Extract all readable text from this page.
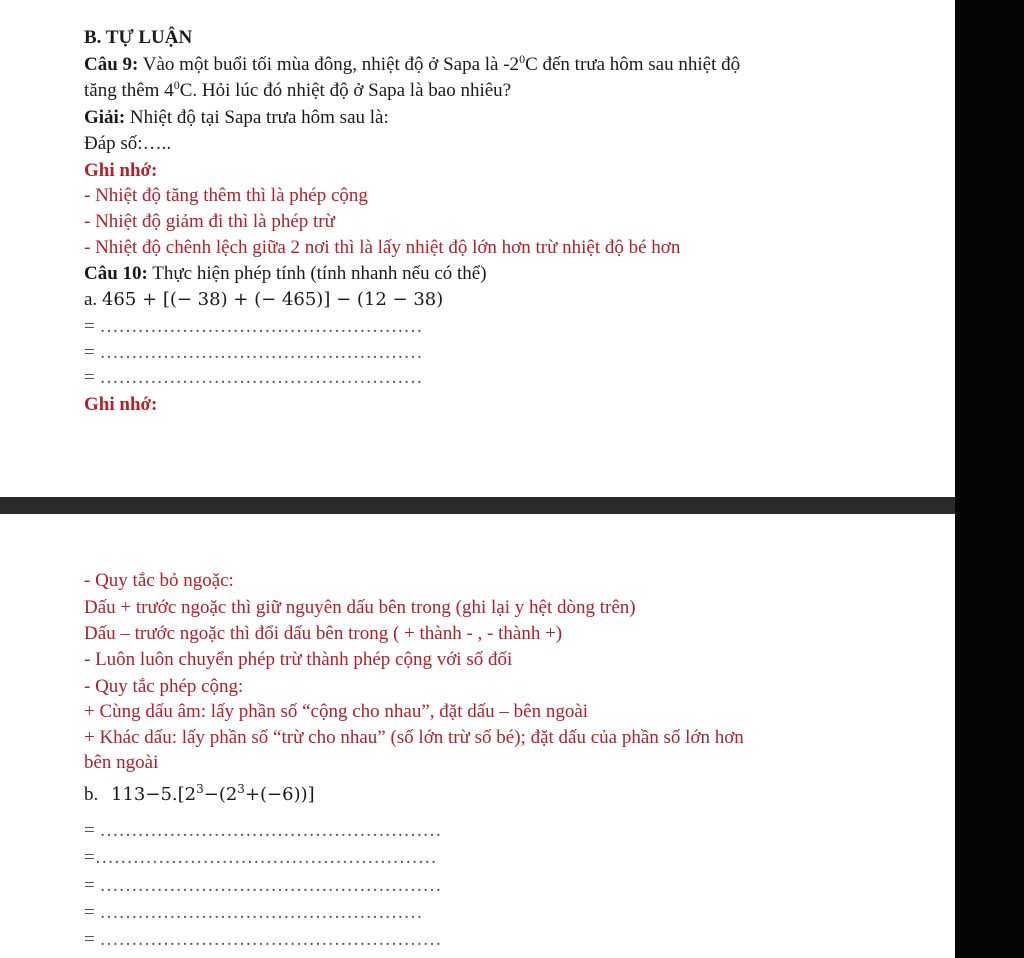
B. TỰ LUẬN
Câu 9: Vào một buổi tối mùa đông, nhiệt độ ở Sapa là $-2^0C$ đến trưa hôm sau nhiệt độ
tăng thêm $4^0C$. Hỏi lúc đó nhiệt độ ở Sapa là bao nhiêu?
Giải: Nhiệt độ tại Sapa trưa hôm sau là:
Đáp số:…..
Ghi nhớ:
- Nhiệt độ tăng thêm thì là phép cộng
- Nhiệt độ giảm đi thì là phép trừ
- Nhiệt độ chênh lệch giữa 2 nơi thì là lấy nhiệt độ lớn hơn trừ nhiệt độ bé hơn
Câu 10: Thực hiện phép tính (tính nhanh nếu có thể)
a. 465 + [(− 38) + (− 465)] − (12 − 38)
= ……………………………………………
= ……………………………………………
= ……………………………………………
Ghi nhớ:
- Quy tắc bỏ ngoặc:
Dấu + trước ngoặc thì giữ nguyên dấu bên trong (ghi lại y hệt dòng trên)
Dấu – trước ngoặc thì đổi dấu bên trong ( + thành - , - thành +)
- Luôn luôn chuyển phép trừ thành phép cộng với số đối
- Quy tắc phép cộng:
+ Cùng dấu âm: lấy phần số “cộng cho nhau”, đặt dấu – bên ngoài
+ Khác dấu: lấy phần số “trừ cho nhau” (số lớn trừ số bé); đặt dấu của phần số lớn hơn
bên ngoài
b. $113-5.[2^3-(2^3+(-6))]$
= ………………………………………………
=………………………………………………
= ………………………………………………
= ……………………………………………
= ………………………………………………
